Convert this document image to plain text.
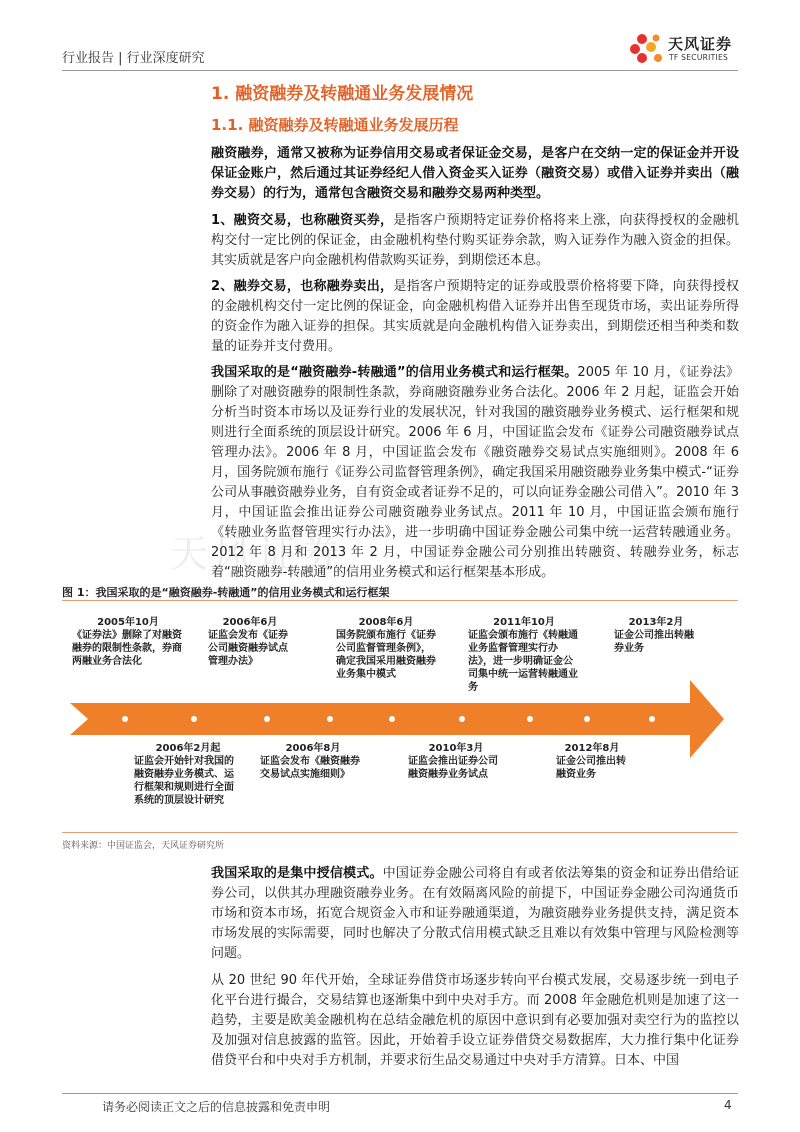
行业报告 | 行业深度研究
天风证券
TF SECURITIES
天风证券
1. 融资融券及转融通业务发展情况
1.1. 融资融券及转融通业务发展历程

融资融券，通常又被称为证券信用交易或者保证金交易，是客户在交纳一定的保证金并开设保证金账户，然后通过其证券经纪人借入资金买入证券（融资交易）或借入证券并卖出（融券交易）的行为，通常包含融资交易和融券交易两种类型。

1、融资交易，也称融资买券，是指客户预期特定证券价格将来上涨，向获得授权的金融机构交付一定比例的保证金，由金融机构垫付购买证券余款，购入证券作为融入资金的担保。其实质就是客户向金融机构借款购买证券，到期偿还本息。

2、融券交易，也称融券卖出，是指客户预期特定的证券或股票价格将要下降，向获得授权的金融机构交付一定比例的保证金，向金融机构借入证券并出售至现货市场，卖出证券所得的资金作为融入证券的担保。其实质就是向金融机构借入证券卖出，到期偿还相当种类和数量的证券并支付费用。

我国采取的是“融资融券-转融通”的信用业务模式和运行框架。2005 年 10 月，《证券法》删除了对融资融券的限制性条款，券商融资融券业务合法化。2006 年 2 月起，证监会开始分析当时资本市场以及证券行业的发展状况，针对我国的融资融券业务模式、运行框架和规则进行全面系统的顶层设计研究。2006 年 6 月，中国证监会发布《证券公司融资融券试点管理办法》。2006 年 8 月，中国证监会发布《融资融券交易试点实施细则》。2008 年 6 月，国务院颁布施行《证券公司监督管理条例》，确定我国采用融资融券业务集中模式-“证券公司从事融资融券业务，自有资金或者证券不足的，可以向证券金融公司借入”。2010 年 3 月，中国证监会推出证券公司融资融券业务试点。2011 年 10 月，中国证监会颁布施行《转融业务监督管理实行办法》，进一步明确中国证券金融公司集中统一运营转融通业务。2012 年 8 月和 2013 年 2 月，中国证券金融公司分别推出转融资、转融券业务，标志着“融资融券-转融通”的信用业务模式和运行框架基本形成。

图 1：我国采取的是“融资融券-转融通”的信用业务模式和运行框架
2005年10月
《证券法》删除了对融资融券的限制性条款，券商两融业务合法化
2006年6月
证监会发布《证券公司融资融券试点管理办法》
2008年6月
国务院颁布施行《证券公司监督管理条例》，确定我国采用融资融券业务集中模式
2011年10月
证监会颁布施行《转融通业务监督管理实行办法》，进一步明确证金公司集中统一运营转融通业务
2013年2月
证金公司推出转融券业务
2006年2月起
证监会开始针对我国的融资融券业务模式、运行框架和规则进行全面系统的顶层设计研究
2006年8月
证监会发布《融资融券交易试点实施细则》
2010年3月
证监会推出证券公司融资融券业务试点
2012年8月
证金公司推出转融资业务
资料来源：中国证监会，天风证券研究所

我国采取的是集中授信模式。中国证券金融公司将自有或者依法筹集的资金和证券出借给证券公司，以供其办理融资融券业务。在有效隔离风险的前提下，中国证券金融公司沟通货币市场和资本市场，拓宽合规资金入市和证券融通渠道，为融资融券业务提供支持，满足资本市场发展的实际需要，同时也解决了分散式信用模式缺乏且难以有效集中管理与风险检测等问题。

从 20 世纪 90 年代开始，全球证券借贷市场逐步转向平台模式发展，交易逐步统一到电子化平台进行撮合，交易结算也逐渐集中到中央对手方。而 2008 年金融危机则是加速了这一趋势，主要是欧美金融机构在总结金融危机的原因中意识到有必要加强对卖空行为的监控以及加强对信息披露的监管。因此，开始着手设立证券借贷交易数据库，大力推行集中化证券借贷平台和中央对手方机制，并要求衍生品交易通过中央对手方清算。日本、中国

请务必阅读正文之后的信息披露和免责申明	4
